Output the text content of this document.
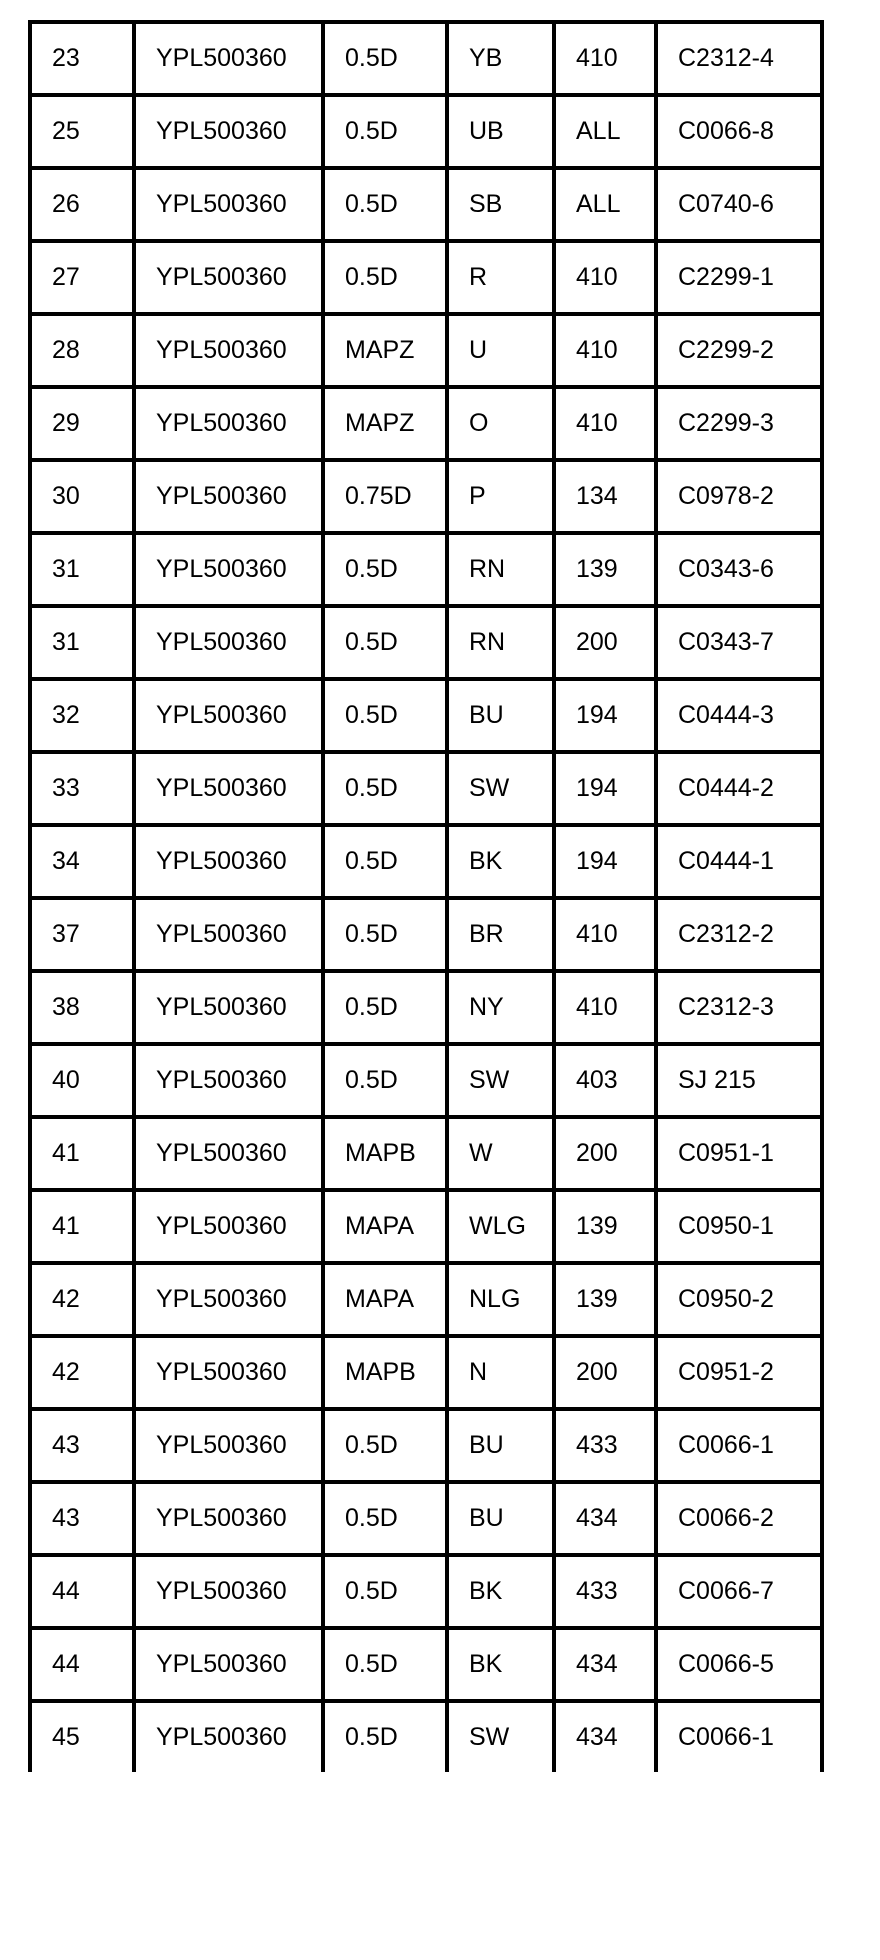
23	YPL500360	0.5D	YB	410	C2312-4
25	YPL500360	0.5D	UB	ALL	C0066-8
26	YPL500360	0.5D	SB	ALL	C0740-6
27	YPL500360	0.5D	R	410	C2299-1
28	YPL500360	MAPZ	U	410	C2299-2
29	YPL500360	MAPZ	O	410	C2299-3
30	YPL500360	0.75D	P	134	C0978-2
31	YPL500360	0.5D	RN	139	C0343-6
31	YPL500360	0.5D	RN	200	C0343-7
32	YPL500360	0.5D	BU	194	C0444-3
33	YPL500360	0.5D	SW	194	C0444-2
34	YPL500360	0.5D	BK	194	C0444-1
37	YPL500360	0.5D	BR	410	C2312-2
38	YPL500360	0.5D	NY	410	C2312-3
40	YPL500360	0.5D	SW	403	SJ 215
41	YPL500360	MAPB	W	200	C0951-1
41	YPL500360	MAPA	WLG	139	C0950-1
42	YPL500360	MAPA	NLG	139	C0950-2
42	YPL500360	MAPB	N	200	C0951-2
43	YPL500360	0.5D	BU	433	C0066-1
43	YPL500360	0.5D	BU	434	C0066-2
44	YPL500360	0.5D	BK	433	C0066-7
44	YPL500360	0.5D	BK	434	C0066-5
45	YPL500360	0.5D	SW	434	C0066-1
